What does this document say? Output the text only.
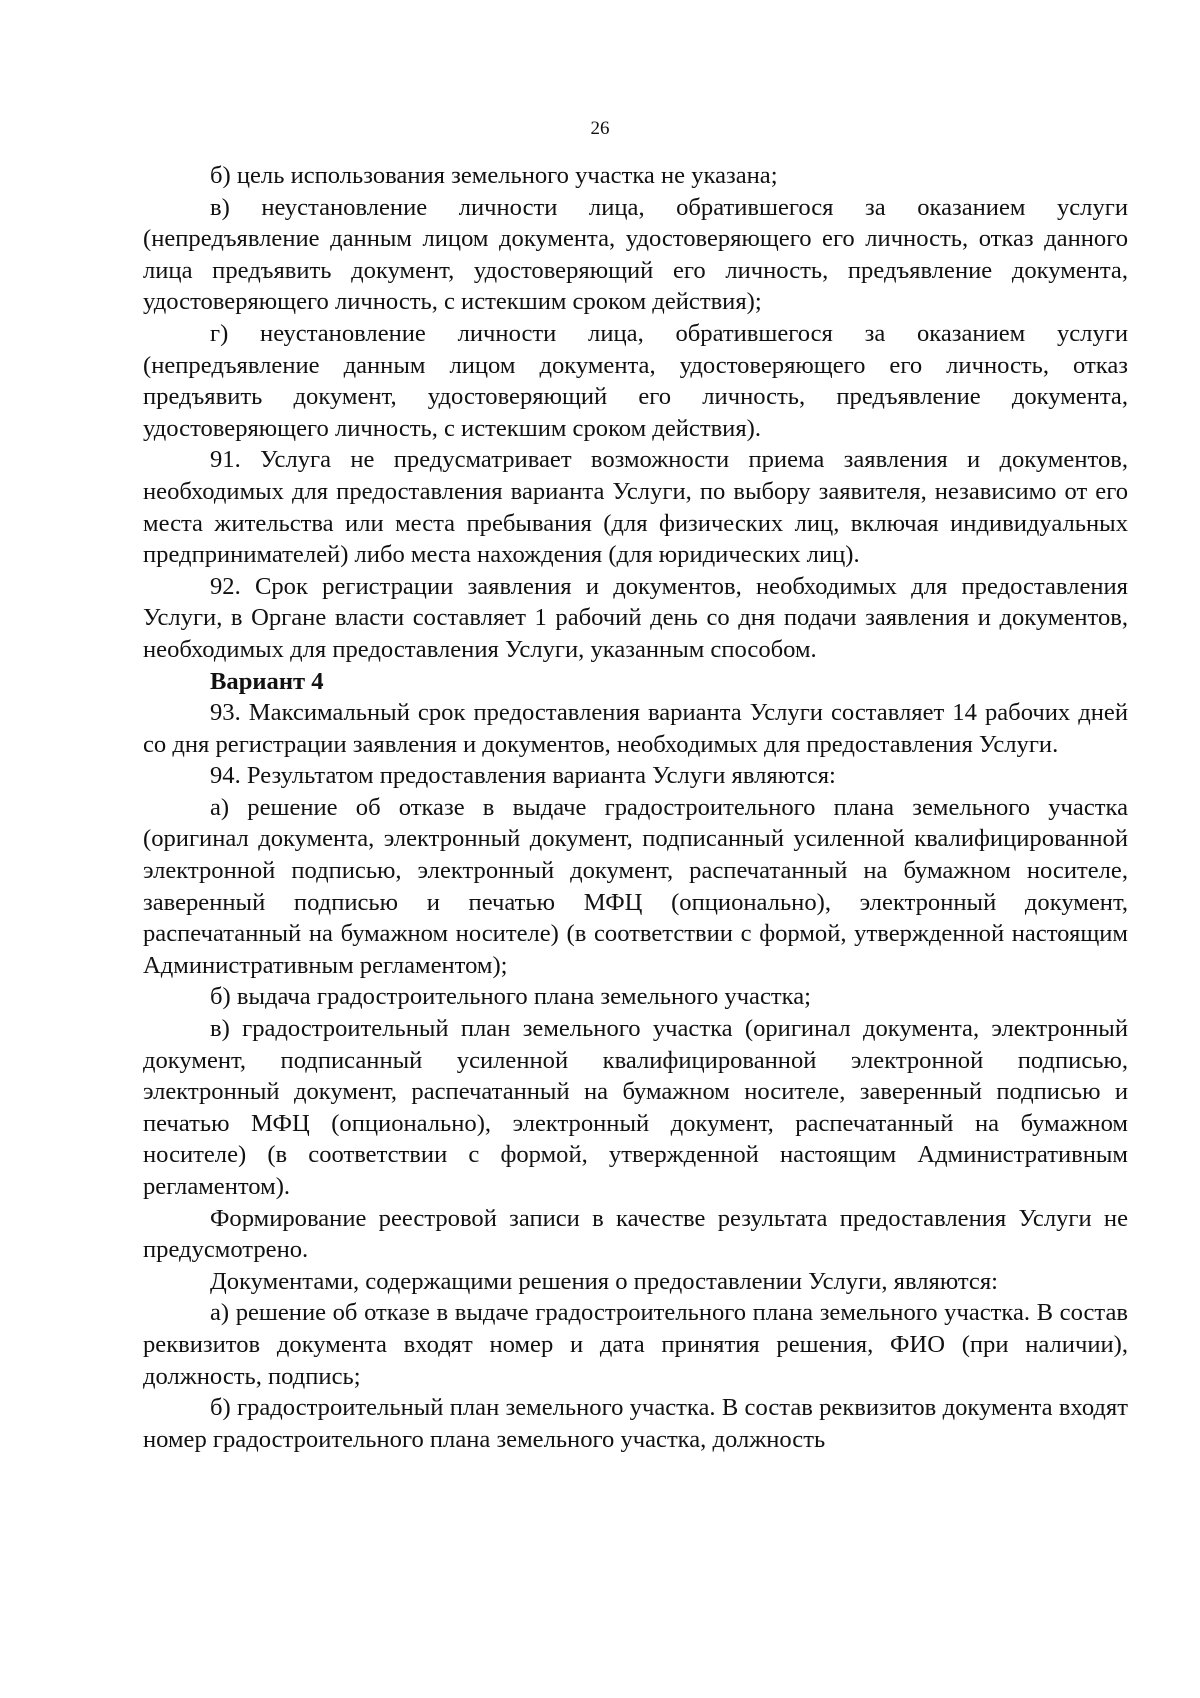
26

б) цель использования земельного участка не указана;

в) неустановление личности лица, обратившегося за оказанием услуги (непредъявление данным лицом документа, удостоверяющего его личность, отказ данного лица предъявить документ, удостоверяющий его личность, предъявление документа, удостоверяющего личность, с истекшим сроком действия);

г) неустановление личности лица, обратившегося за оказанием услуги (непредъявление данным лицом документа, удостоверяющего его личность, отказ предъявить документ, удостоверяющий его личность, предъявление документа, удостоверяющего личность, с истекшим сроком действия).

91. Услуга не предусматривает возможности приема заявления и документов, необходимых для предоставления варианта Услуги, по выбору заявителя, независимо от его места жительства или места пребывания (для физических лиц, включая индивидуальных предпринимателей) либо места нахождения (для юридических лиц).

92. Срок регистрации заявления и документов, необходимых для предоставления Услуги, в Органе власти составляет 1 рабочий день со дня подачи заявления и документов, необходимых для предоставления Услуги, указанным способом.

Вариант 4

93. Максимальный срок предоставления варианта Услуги составляет 14 рабочих дней со дня регистрации заявления и документов, необходимых для предоставления Услуги.

94. Результатом предоставления варианта Услуги являются:

а) решение об отказе в выдаче градостроительного плана земельного участка (оригинал документа, электронный документ, подписанный усиленной квалифицированной электронной подписью, электронный документ, распечатанный на бумажном носителе, заверенный подписью и печатью МФЦ (опционально), электронный документ, распечатанный на бумажном носителе) (в соответствии с формой, утвержденной настоящим Административным регламентом);

б) выдача градостроительного плана земельного участка;

в) градостроительный план земельного участка (оригинал документа, электронный документ, подписанный усиленной квалифицированной электронной подписью, электронный документ, распечатанный на бумажном носителе, заверенный подписью и печатью МФЦ (опционально), электронный документ, распечатанный на бумажном носителе) (в соответствии с формой, утвержденной настоящим Административным регламентом).

Формирование реестровой записи в качестве результата предоставления Услуги не предусмотрено.

Документами, содержащими решения о предоставлении Услуги, являются:

а) решение об отказе в выдаче градостроительного плана земельного участка. В состав реквизитов документа входят номер и дата принятия решения, ФИО (при наличии), должность, подпись;

б) градостроительный план земельного участка. В состав реквизитов документа входят номер градостроительного плана земельного участка, должность
